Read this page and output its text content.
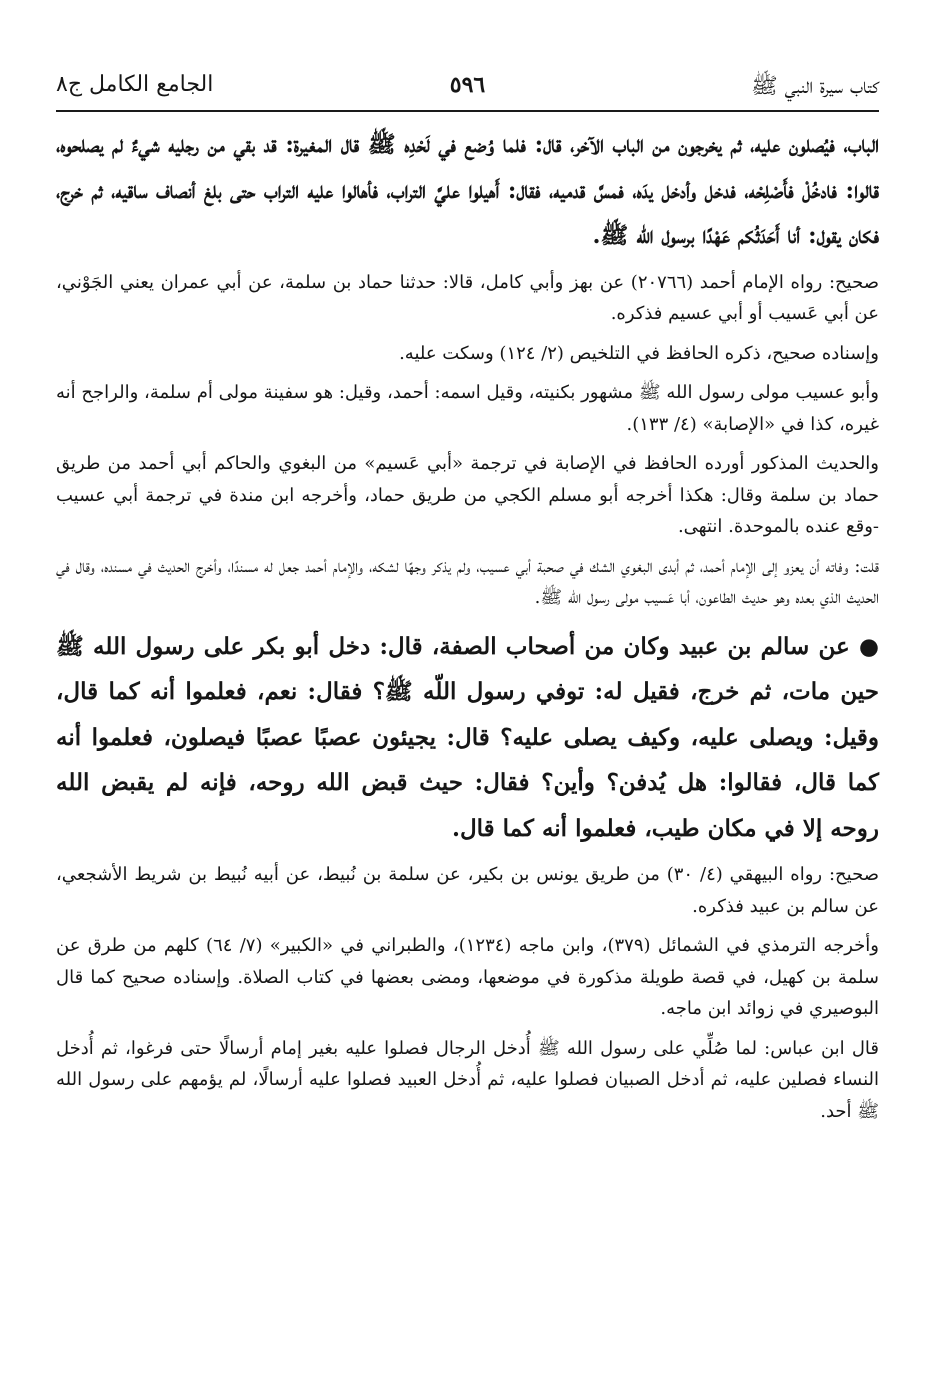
كتاب سيرة النبي ﷺ
٥٩٦
الجامع الكامل ج٨

الباب، فيُصلون عليه، ثم يخرجون من الباب الآخر، قال: فلما وُضع في لَحْدِه ﷺ قال المغيرة: قد بقي من رجليه شيءٌ لم يصلحوه، قالوا: فادخُلْ فأَصْلِحْه، فدخل وأدخل يدَه، فمسَّ قدميه، فقال: أَهيلوا عليَّ التراب، فأهالوا عليه التراب حتى بلغ أنصاف ساقيه، ثم خرج، فكان يقول: أنا أَحَدَثُكم عَهْدًا برسول الله ﷺ.

صحيح: رواه الإمام أحمد (٢٠٧٦٦) عن بهز وأبي كامل، قالا: حدثنا حماد بن سلمة، عن أبي عمران يعني الجَوْني، عن أبي عَسيب أو أبي عسيم فذكره.

وإسناده صحيح، ذكره الحافظ في التلخيص (٢/ ١٢٤) وسكت عليه.

وأبو عسيب مولى رسول الله ﷺ مشهور بكنيته، وقيل اسمه: أحمد، وقيل: هو سفينة مولى أم سلمة، والراجح أنه غيره، كذا في «الإصابة» (٤/ ١٣٣).

والحديث المذكور أورده الحافظ في الإصابة في ترجمة «أبي عَسيم» من البغوي والحاكم أبي أحمد من طريق حماد بن سلمة وقال: هكذا أخرجه أبو مسلم الكجي من طريق حماد، وأخرجه ابن مندة في ترجمة أبي عسيب -وقع عنده بالموحدة. انتهى.

قلت: وفاته أن يعزو إلى الإمام أحمد، ثم أبدى البغوي الشك في صحبة أبي عسيب، ولم يذكر وجهًا لشكه، والإمام أحمد جعل له مسندًا، وأخرج الحديث في مسنده، وقال في الحديث الذي بعده وهو حديث الطاعون، أبا عَسيب مولى رسول الله ﷺ.

● عن سالم بن عبيد وكان من أصحاب الصفة، قال: دخل أبو بكر على رسول الله ﷺ حين مات، ثم خرج، فقيل له: توفي رسول اللّه ﷺ؟ فقال: نعم، فعلموا أنه كما قال، وقيل: ويصلى عليه، وكيف يصلى عليه؟ قال: يجيئون عصبًا عصبًا فيصلون، فعلموا أنه كما قال، فقالوا: هل يُدفن؟ وأين؟ فقال: حيث قبض الله روحه، فإنه لم يقبض الله روحه إلا في مكان طيب، فعلموا أنه كما قال.

صحيح: رواه البيهقي (٤/ ٣٠) من طريق يونس بن بكير، عن سلمة بن نُبيط، عن أبيه نُبيط بن شريط الأشجعي، عن سالم بن عبيد فذكره.

وأخرجه الترمذي في الشمائل (٣٧٩)، وابن ماجه (١٢٣٤)، والطبراني في «الكبير» (٧/ ٦٤) كلهم من طرق عن سلمة بن كهيل، في قصة طويلة مذكورة في موضعها، ومضى بعضها في كتاب الصلاة. وإسناده صحيح كما قال البوصيري في زوائد ابن ماجه.

قال ابن عباس: لما صُلِّي على رسول الله ﷺ أُدخل الرجال فصلوا عليه بغير إمام أرسالًا حتى فرغوا، ثم أُدخل النساء فصلين عليه، ثم أدخل الصبيان فصلوا عليه، ثم أُدخل العبيد فصلوا عليه أرسالًا، لم يؤمهم على رسول الله ﷺ أحد.
